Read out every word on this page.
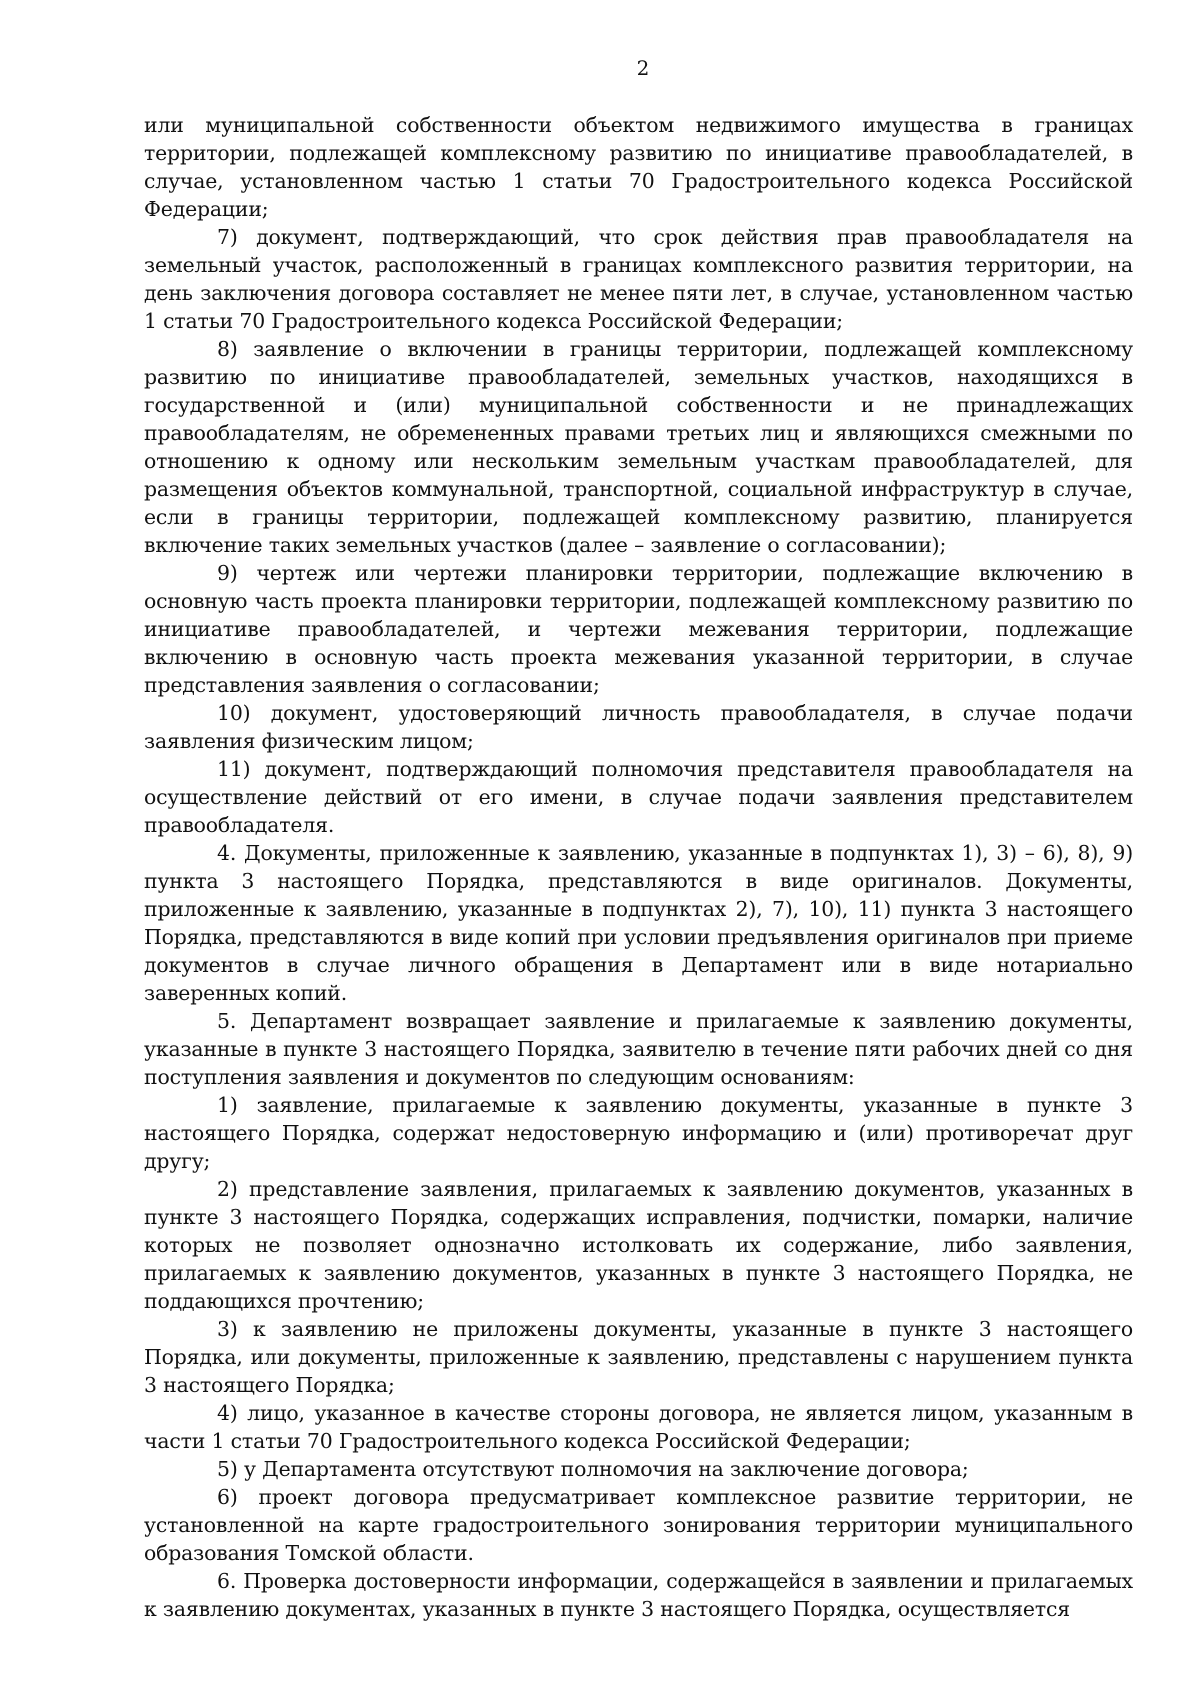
2

или муниципальной собственности объектом недвижимого имущества в границах территории, подлежащей комплексному развитию по инициативе правообладателей, в случае, установленном частью 1 статьи 70 Градостроительного кодекса Российской Федерации;

7) документ, подтверждающий, что срок действия прав правообладателя на земельный участок, расположенный в границах комплексного развития территории, на день заключения договора составляет не менее пяти лет, в случае, установленном частью 1 статьи 70 Градостроительного кодекса Российской Федерации;

8) заявление о включении в границы территории, подлежащей комплексному развитию по инициативе правообладателей, земельных участков, находящихся в государственной и (или) муниципальной собственности и не принадлежащих правообладателям, не обремененных правами третьих лиц и являющихся смежными по отношению к одному или нескольким земельным участкам правообладателей, для размещения объектов коммунальной, транспортной, социальной инфраструктур в случае, если в границы территории, подлежащей комплексному развитию, планируется включение таких земельных участков (далее – заявление о согласовании);

9) чертеж или чертежи планировки территории, подлежащие включению в основную часть проекта планировки территории, подлежащей комплексному развитию по инициативе правообладателей, и чертежи межевания территории, подлежащие включению в основную часть проекта межевания указанной территории, в случае представления заявления о согласовании;

10) документ, удостоверяющий личность правообладателя, в случае подачи заявления физическим лицом;

11) документ, подтверждающий полномочия представителя правообладателя на осуществление действий от его имени, в случае подачи заявления представителем правообладателя.

4. Документы, приложенные к заявлению, указанные в подпунктах 1), 3) – 6), 8), 9) пункта 3 настоящего Порядка, представляются в виде оригиналов. Документы, приложенные к заявлению, указанные в подпунктах 2), 7), 10), 11) пункта 3 настоящего Порядка, представляются в виде копий при условии предъявления оригиналов при приеме документов в случае личного обращения в Департамент или в виде нотариально заверенных копий.

5. Департамент возвращает заявление и прилагаемые к заявлению документы, указанные в пункте 3 настоящего Порядка, заявителю в течение пяти рабочих дней со дня поступления заявления и документов по следующим основаниям:

1) заявление, прилагаемые к заявлению документы, указанные в пункте 3 настоящего Порядка, содержат недостоверную информацию и (или) противоречат друг другу;

2) представление заявления, прилагаемых к заявлению документов, указанных в пункте 3 настоящего Порядка, содержащих исправления, подчистки, помарки, наличие которых не позволяет однозначно истолковать их содержание, либо заявления, прилагаемых к заявлению документов, указанных в пункте 3 настоящего Порядка, не поддающихся прочтению;

3) к заявлению не приложены документы, указанные в пункте 3 настоящего Порядка, или документы, приложенные к заявлению, представлены с нарушением пункта 3 настоящего Порядка;

4) лицо, указанное в качестве стороны договора, не является лицом, указанным в части 1 статьи 70 Градостроительного кодекса Российской Федерации;

5) у Департамента отсутствуют полномочия на заключение договора;

6) проект договора предусматривает комплексное развитие территории, не установленной на карте градостроительного зонирования территории муниципального образования Томской области.

6. Проверка достоверности информации, содержащейся в заявлении и прилагаемых к заявлению документах, указанных в пункте 3 настоящего Порядка, осуществляется
